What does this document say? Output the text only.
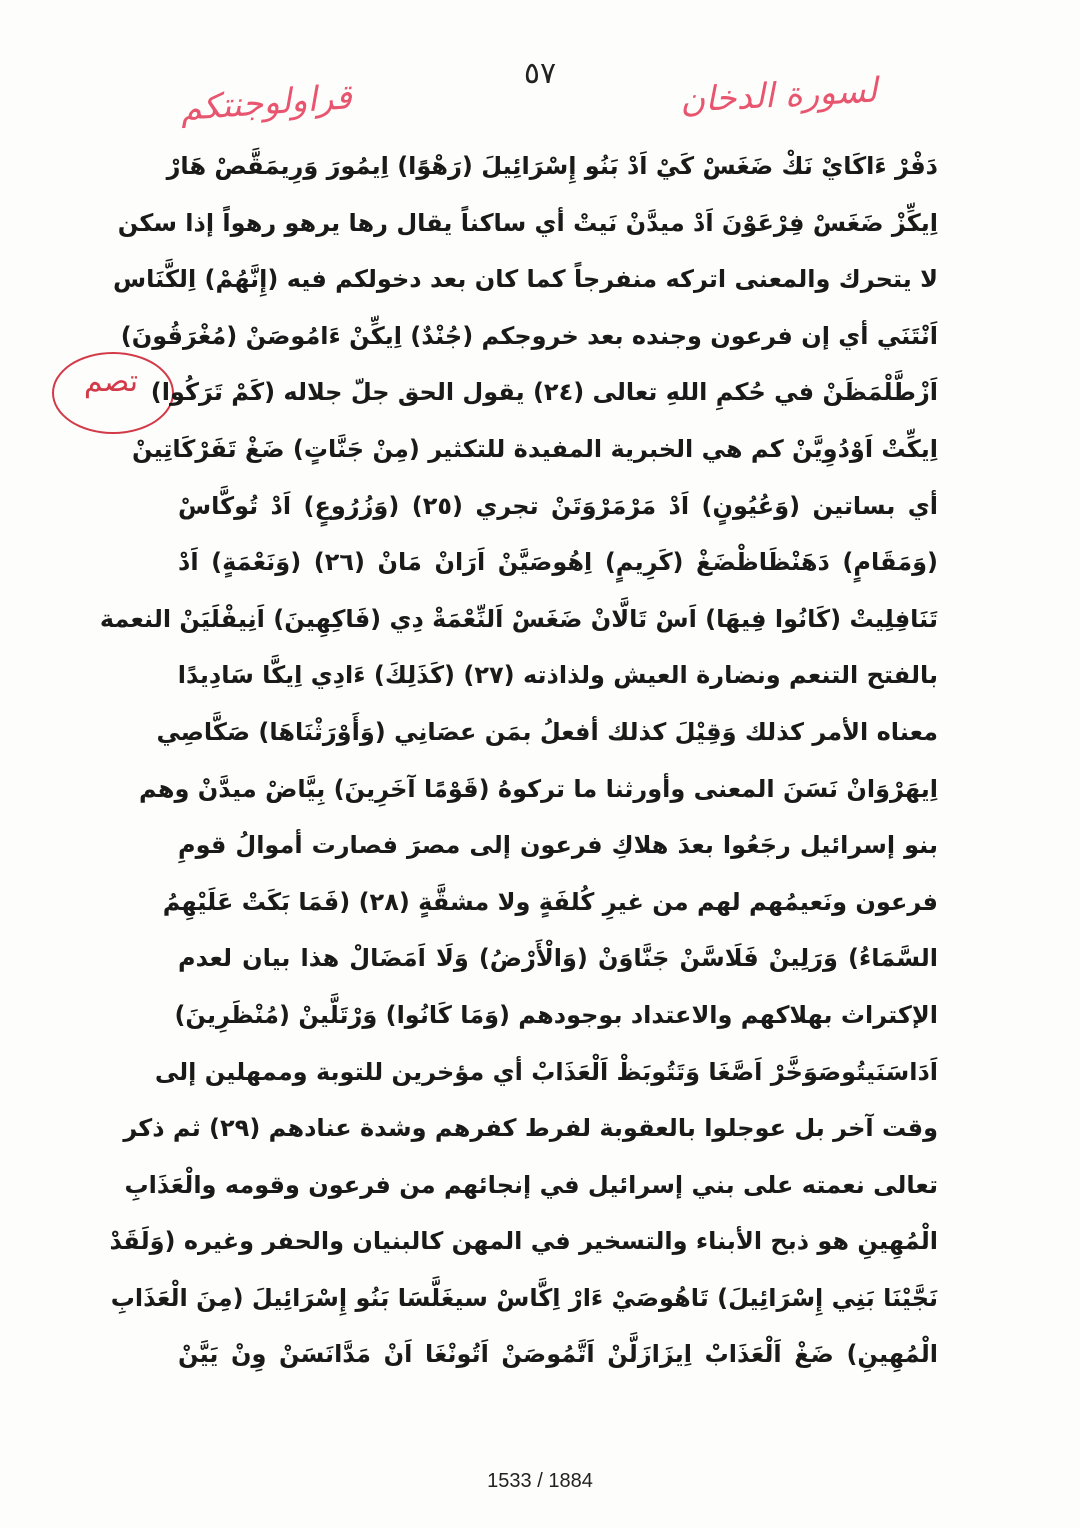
قراولوجنتكم
٥٧	لسورة الدخان
تصم
دَفْرْ ءَاكَايْ نَكْ ضَغَسْ كَيْ اَدْ بَنُو إِسْرَائِيلَ (رَهْوًا) اِيمُورَ وَرِيمَقَّصْ هَارْ
اِيكِّزْ ضَغَسْ فِرْعَوْنَ اَدْ ميدَّنْ نَيتْ أي ساكناً يقال رها يرهو رهواً إذا سكن
لا يتحرك والمعنى اتركه منفرجاً كما كان بعد دخولكم فيه (إِنَّهُمْ) اِلكَّنَاس
اَنْتَنَي أي إن فرعون وجنده بعد خروجكم (جُنْدٌ) اِيكِّنْ ءَامُوصَنْ (مُغْرَقُونَ)
اَزْطَّلْمَظَنْ في حُكمِ اللهِ تعالى (٢٤) يقول الحق جلّ جلاله (كَمْ تَرَكُوا)
اِيكِّتْ اَوْدُوِيَّنْ كم هي الخبرية المفيدة للتكثير (مِنْ جَنَّاتٍ) ضَغْ تَفَرْكَاتِينْ
أي بساتين (وَعُيُونٍ) اَدْ مَرْمَرْوَتَنْ تجري (٢٥) (وَزُرُوعٍ) اَدْ تُوكَّاسْ
(وَمَقَامٍ) دَهَنْظَاظْضَغْ (كَرِيمٍ) اِهُوصَيَّنْ اَرَانْ مَانْ (٢٦) (وَنَعْمَةٍ) اَدْ
تَنَافِلِيتْ (كَانُوا فِيهَا) اَسْ تَالَّانْ ضَغَسْ اَلنِّعْمَةْ دِي (فَاكِهِينَ) اَنِيفْلَيَنْ النعمة
بالفتح التنعم ونضارة العيش ولذاذته (٢٧) (كَذَلِكَ) ءَادِي اِيكَّا سَادِيدًا
معناه الأمر كذلك وَقِيْلَ كذلك أفعلُ بمَن عصَانِي (وَأَوْرَثْنَاهَا) صَكَّاصِي
اِيهَرْوَانْ نَسَنَ المعنى وأورثنا ما تركوهُ (قَوْمًا آخَرِينَ) بِيَّاضْ ميدَّنْ وهم
بنو إسرائيل رجَعُوا بعدَ هلاكِ فرعون إلى مصرَ فصارت أموالُ قومِ
فرعون ونَعيمُهم لهم من غيرِ كُلفَةٍ ولا مشقَّةٍ (٢٨) (فَمَا بَكَتْ عَلَيْهِمُ
السَّمَاءُ) وَرَلِينْ فَلَاسَّنْ جَنَّاوَنْ (وَالْأَرْضُ) وَلَا اَمَضَالْ هذا بيان لعدم
الإكتراث بهلاكهم والاعتداد بوجودهم (وَمَا كَانُوا) وَرْتَلَّينْ (مُنْظَرِينَ)
اَدَاسَنَيتُوصَوَخَّرْ اَصَّغَا وَتَتُوبَظْ اَلْعَذَابْ أي مؤخرين للتوبة وممهلين إلى
وقت آخر بل عوجلوا بالعقوبة لفرط كفرهم وشدة عنادهم (٢٩) ثم ذكر
تعالى نعمته على بني إسرائيل في إنجائهم من فرعون وقومه والْعَذَابِ
الْمُهِينِ هو ذبح الأبناء والتسخير في المهن كالبنيان والحفر وغيره (وَلَقَدْ
نَجَّيْنَا بَنِي إِسْرَائِيلَ) تَاهُوصَيْ ءَارْ اِكَّاسْ سيغَلَّسَا بَنُو إِسْرَائِيلَ (مِنَ الْعَذَابِ
الْمُهِينِ) ضَغْ اَلْعَذَابْ اِيزَازَلَّنْ اَتَّمُوصَنْ اَتُونْغَا اَنْ مَدَّانَسَنْ وِنْ يَيَّنْ
1533 / 1884
